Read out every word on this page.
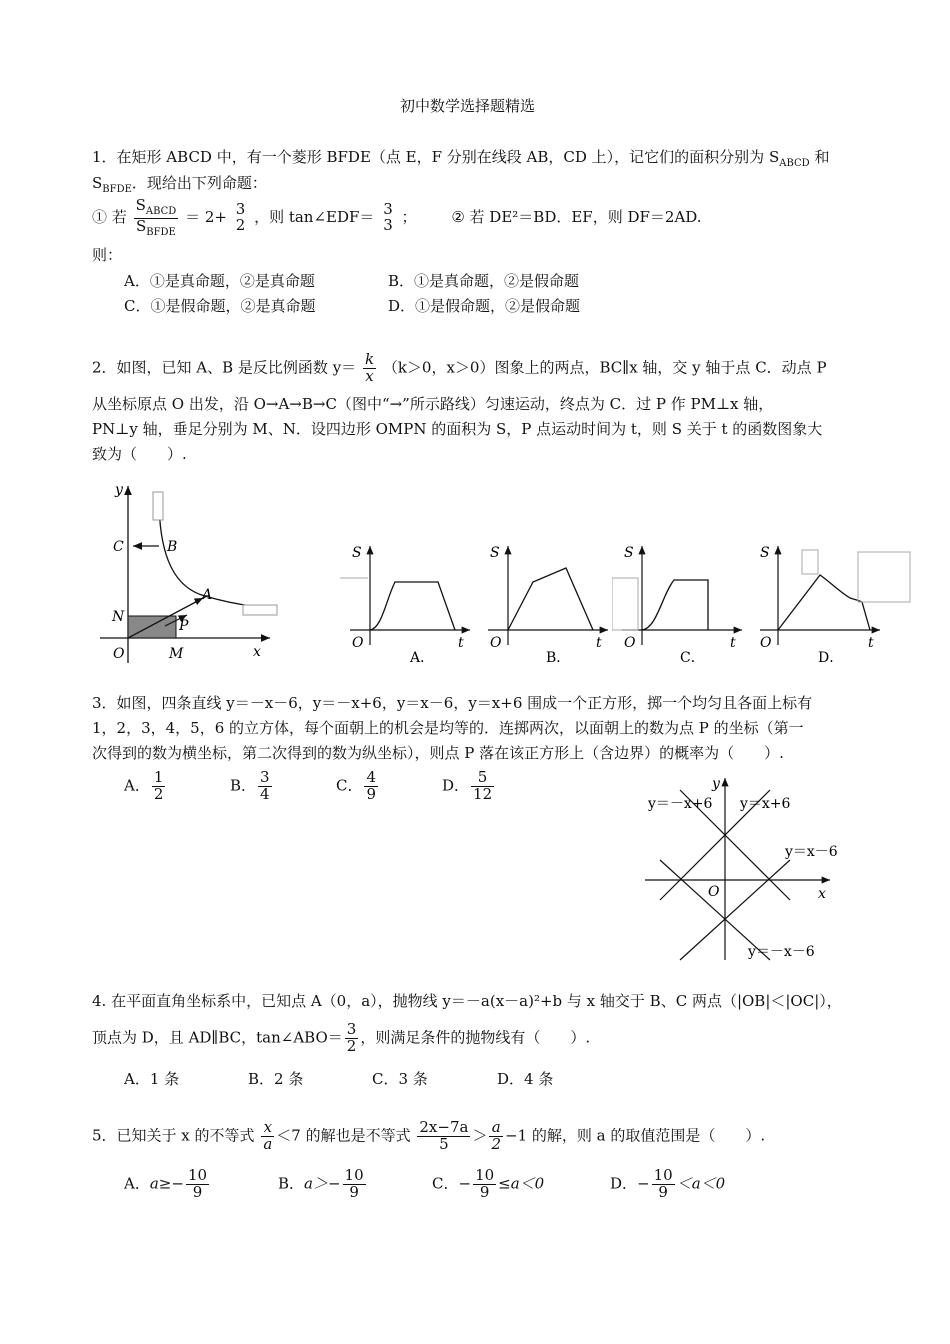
初中数学选择题精选
1．在矩形 ABCD 中，有一个菱形 BFDE（点 E，F 分别在线段 AB，CD 上），记它们的面积分别为 $S_{ABCD}$ 和
$S_{BFDE}$．现给出下列命题：
① 若 $\frac{S_{ABCD}}{S_{BFDE}} = 2+ 3$
2 ，则 tan∠EDF＝ 3
3 ； ② 若 DE²＝BD．EF，则 DF＝2AD.
则：
A．①是真命题，②是真命题	B．①是真命题，②是假命题
C．①是假命题，②是真命题	D．①是假命题，②是假命题
2．如图，已知 A、B 是反比例函数 $y= \frac{k}{x} (k>0$，x＞0）图象上的两点，BC∥x 轴，交 y 轴于点 C．动点 P
从坐标原点 O 出发，沿 O→A→B→C（图中“→”所示路线）匀速运动，终点为 C．过 P 作 PM⊥x 轴，
PN⊥y 轴，垂足分别为 M、N．设四边形 OMPN 的面积为 S，P 点运动时间为 t，则 S 关于 t 的函数图象大
致为（　　）.
y
x
C	B
A
N
P
O	M
S
O	t
A．
S
O	t
B．
S
O	t
C．
S
O	t
D．
3．如图，四条直线 y＝－x－6，y＝－x+6，y＝x－6，y＝x+6 围成一个正方形，掷一个均匀且各面上标有
1，2，3，4，5，6 的立方体，每个面朝上的机会是均等的．连掷两次，以面朝上的数为点 P 的坐标（第一
次得到的数为横坐标，第二次得到的数为纵坐标），则点 P 落在该正方形上（含边界）的概率为（　　）.
A． $\frac{1}{2}$	B． $\frac{3}{4}$	C． $\frac{4}{9}$	D． $\frac{5}{12}$	y
x
O
y＝－x+6 y＝x+6
y＝x－6
y＝－x－6
4. 在平面直角坐标系中，已知点 A（0，a），抛物线 y＝－a(x－a)²+b 与 x 轴交于 B、C 两点（|OB|＜|OC|），
顶点为 D，且 AD∥BC，tan∠ABO＝ $\frac{3}{2}$ ，则满足条件的抛物线有（　　）.
A．1 条	B．2 条	C．3 条	D．4 条
5．已知关于 x 的不等式 $\frac{x}{a} <7$ 的解也是不等式 $\frac{2x-7a}{5} > \frac{a}{2} -1$ 的解，则 a 的取值范围是（　　）.
A．$a\ge- \frac{10}{9}$	B．$a>- \frac{10}{9}$	C．− $\frac{10}{9} \le a<0$	D．− $\frac{10}{9} <a<0$
